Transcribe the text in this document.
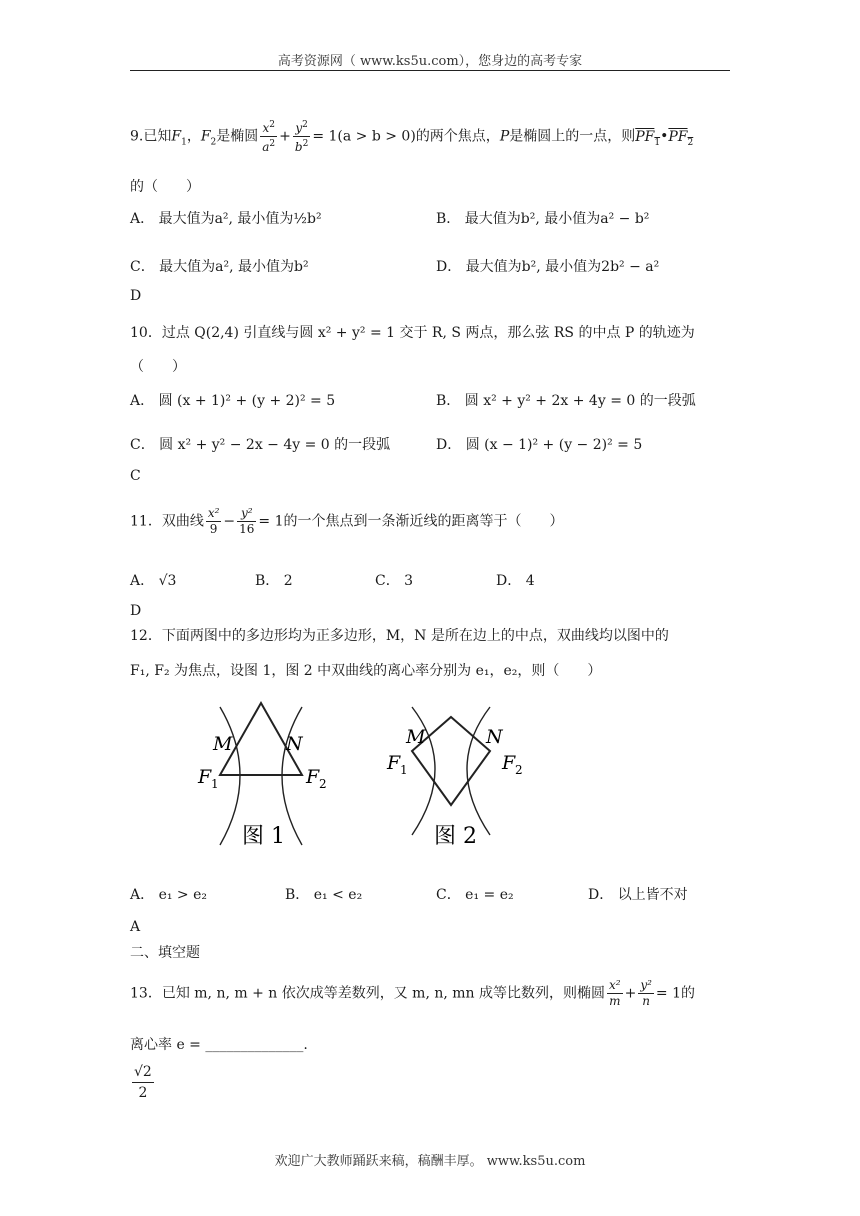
高考资源网（ www.ks5u.com），您身边的高考专家
欢迎广大教师踊跃来稿，稿酬丰厚。 www.ks5u.com
9.已知$F_1$，$F_2$是椭圆 $\frac{x^2}{a^2} + \frac{y^2}{b^2} = 1(a > b > 0)$的两个焦点，P是椭圆上的一点，则$PF_1•PF_2$
的（　　）
A． 最大值为a², 最小值为½b²	B． 最大值为b², 最小值为a² − b²
C． 最大值为a², 最小值为b²	D． 最大值为b², 最小值为2b² − a²
D
10．过点 Q(2,4) 引直线与圆 x² + y² = 1 交于 R, S 两点，那么弦 RS 的中点 P 的轨迹为
（　　）
A． 圆 (x + 1)² + (y + 2)² = 5	B． 圆 x² + y² + 2x + 4y = 0 的一段弧
C． 圆 x² + y² − 2x − 4y = 0 的一段弧	D． 圆 (x − 1)² + (y − 2)² = 5
C
11．双曲线 $\frac{\text{x²}}{9} - \frac{\text{y²}}{16} = 1$的一个焦点到一条渐近线的距离等于（　　）
A． √3	B． 2	C． 3	D． 4
D
12．下面两图中的多边形均为正多边形，M，N 是所在边上的中点，双曲线均以图中的
F₁, F₂ 为焦点，设图 1，图 2 中双曲线的离心率分别为 e₁，e₂，则（　　）
M	N
F 1	F 2
图 1
M	N
F 1	F 2
图 2
A． e₁ > e₂	B． e₁ < e₂	C． e₁ = e₂	D． 以上皆不对
A
二、填空题
13．已知 m, n, m + n 依次成等差数列，又 m, n, mn 成等比数列，则椭圆 $\frac{\text{x²}}{m} + \frac{\text{y²}}{n} = 1$的
离心率 e = ______________.
$\frac{√2}{2}$
